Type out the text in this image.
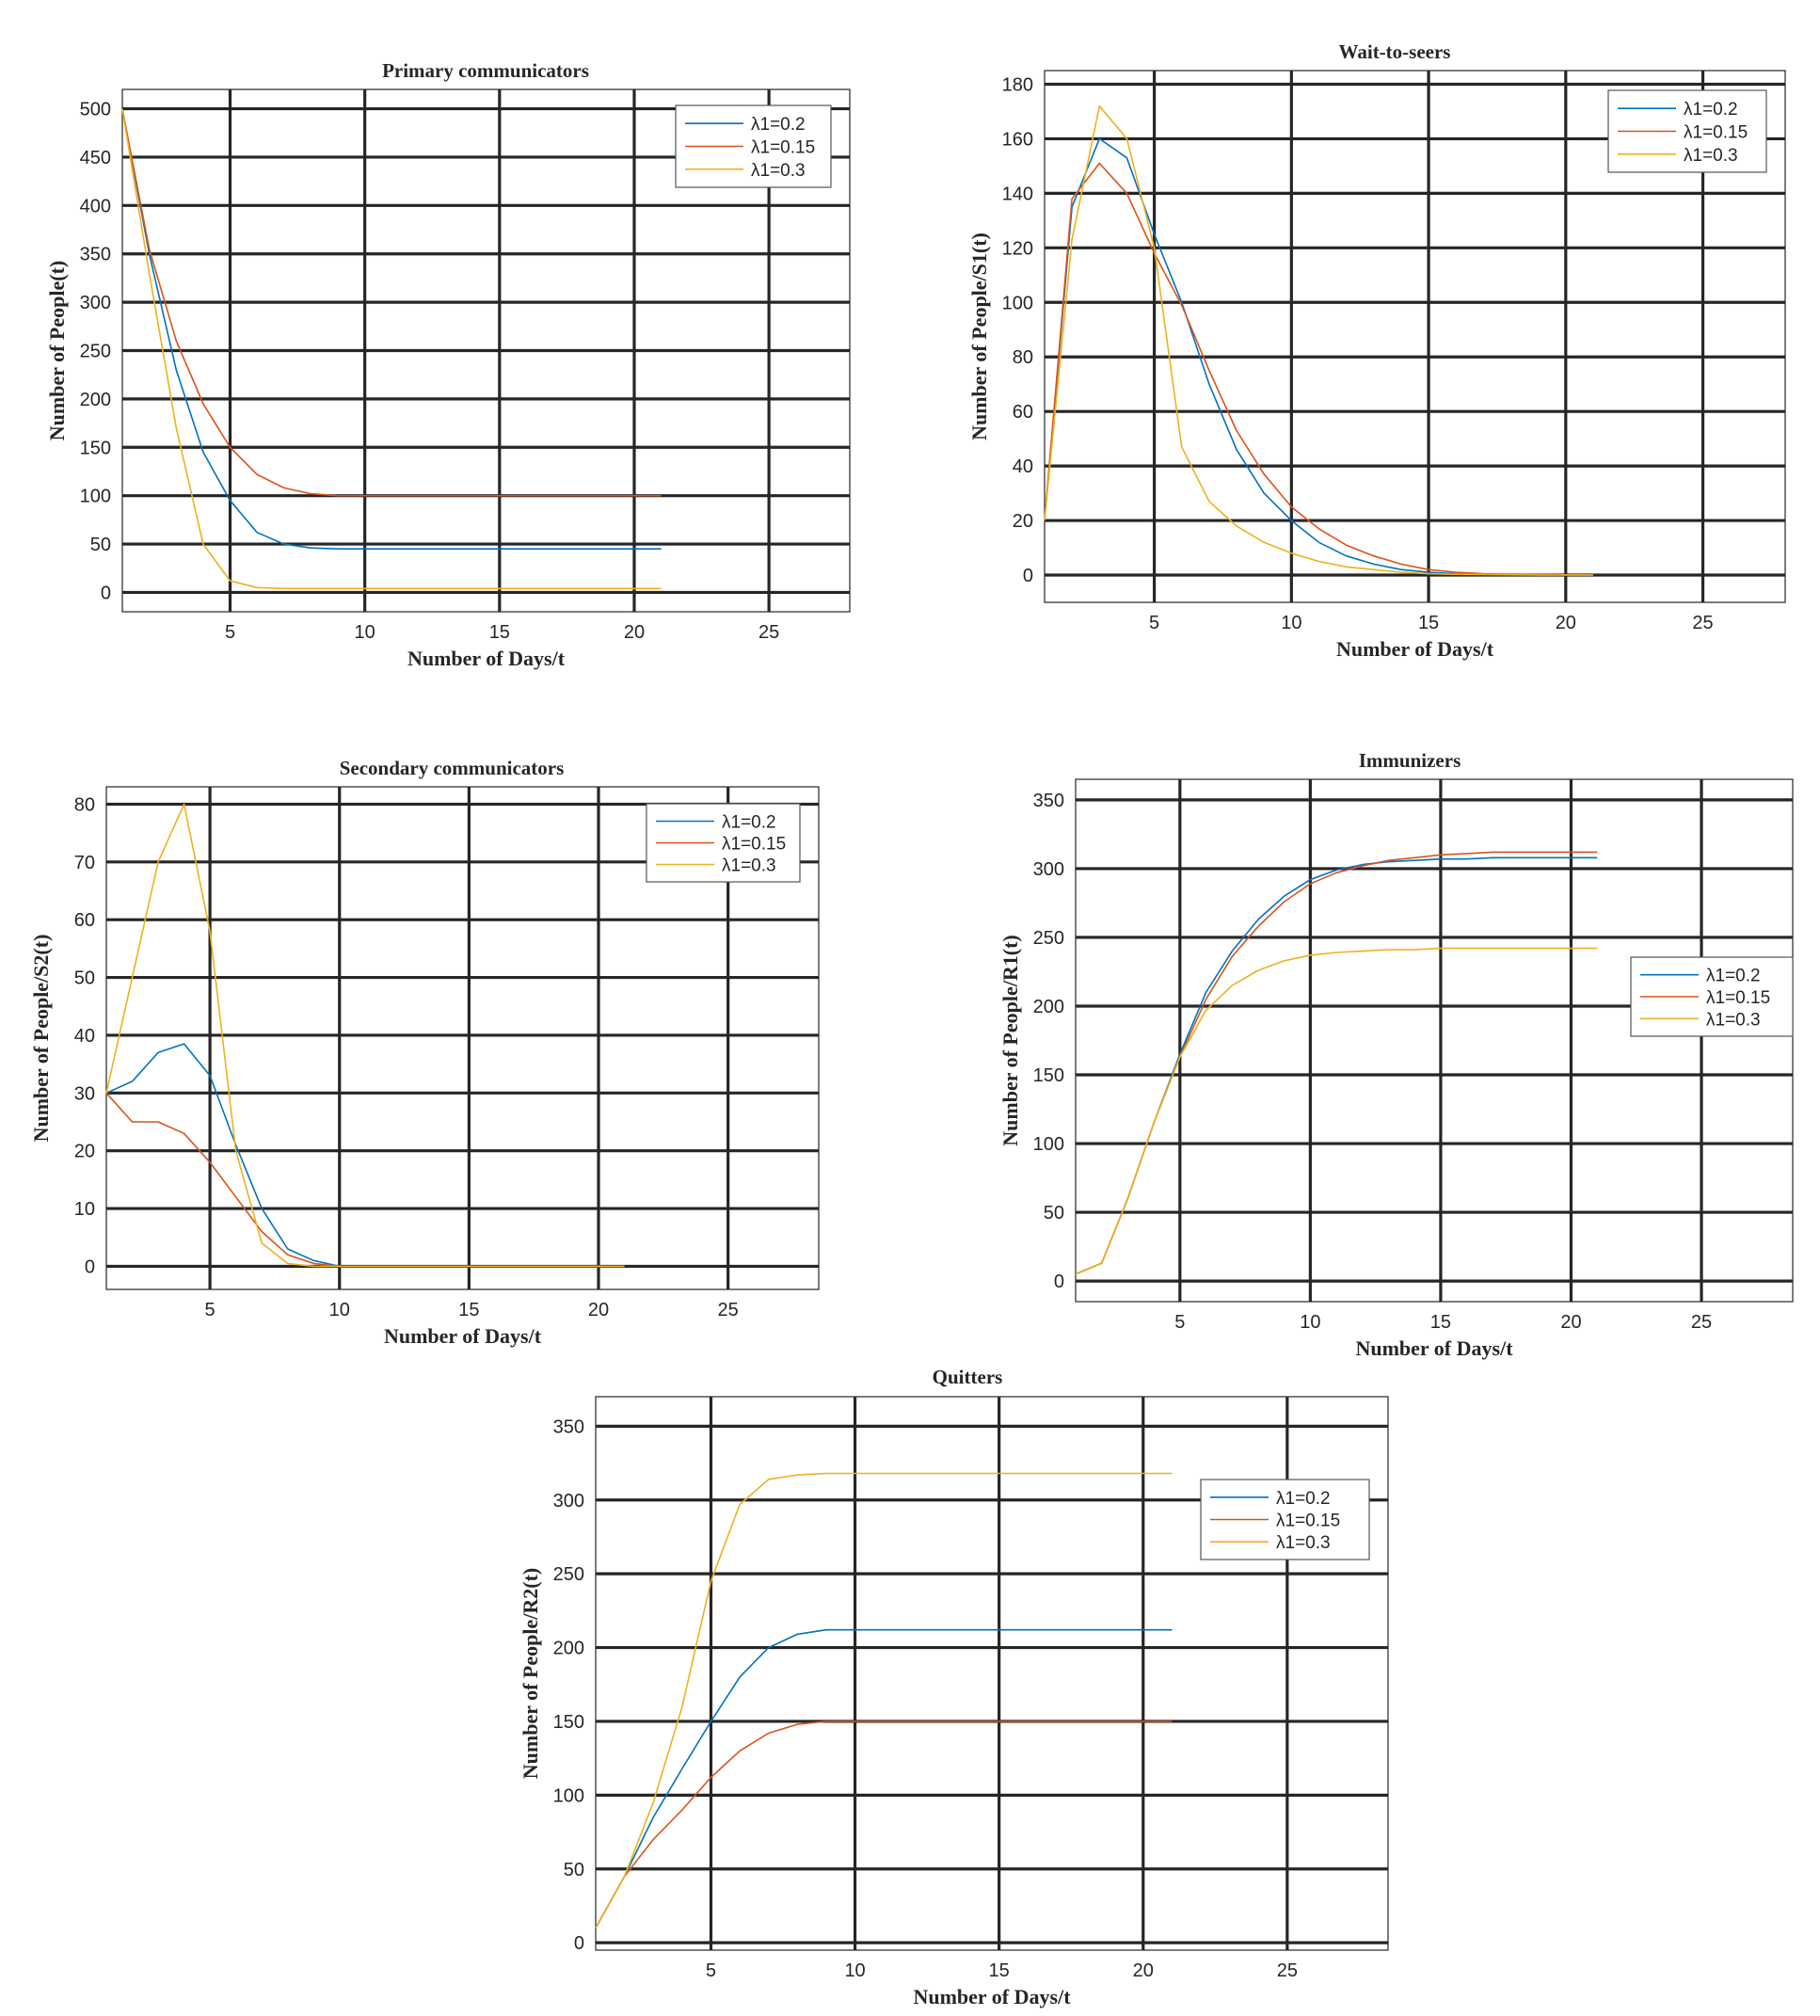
5	10	15	20	25
0
50
100
150
200
250
300
350
400
450
500
Primary communicators
Number of Days/t
Number of People(t)
λ1=0.2
λ1=0.15
λ1=0.3
5	10	15	20	25
0
20
40
60
80
100
120
140
160
180
Wait-to-seers
Number of Days/t
Number of People/S1(t)
λ1=0.2
λ1=0.15
λ1=0.3
5	10	15	20	25
0
10
20
30
40
50
60
70
80
Secondary communicators
Number of Days/t
Number of People/S2(t)
λ1=0.2
λ1=0.15
λ1=0.3
5	10	15	20	25
0
50
100
150
200
250
300
350
Immunizers
Number of Days/t
Number of People/R1(t)	λ1=0.2
λ1=0.15
λ1=0.3
5	10	15	20	25
0
50
100
150
200
250
300
350
Quitters
Number of Days/t
Number of People/R2(t)
λ1=0.2
λ1=0.15
λ1=0.3
